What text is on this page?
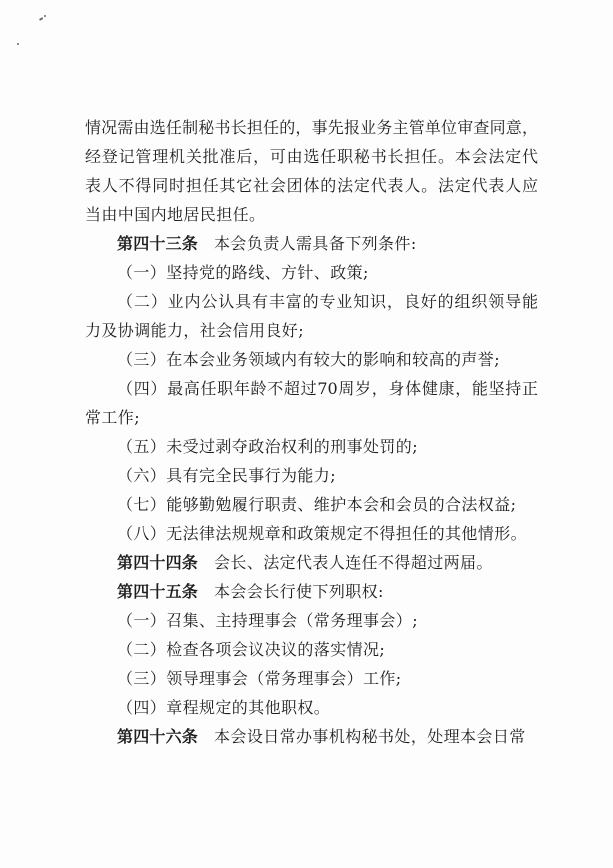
情况需由选任制秘书长担任的，事先报业务主管单位审查同意，
经登记管理机关批准后，可由选任职秘书长担任。本会法定代
表人不得同时担任其它社会团体的法定代表人。法定代表人应
当由中国内地居民担任。
第四十三条 本会负责人需具备下列条件:
（一）坚持党的路线、方针、政策;
（二）业内公认具有丰富的专业知识，良好的组织领导能
力及协调能力，社会信用良好;
（三）在本会业务领域内有较大的影响和较高的声誉;
（四）最高任职年龄不超过70周岁，身体健康，能坚持正
常工作;
（五）未受过剥夺政治权利的刑事处罚的;
（六）具有完全民事行为能力;
（七）能够勤勉履行职责、维护本会和会员的合法权益;
（八）无法律法规规章和政策规定不得担任的其他情形。
第四十四条 会长、法定代表人连任不得超过两届。
第四十五条 本会会长行使下列职权:
（一）召集、主持理事会（常务理事会）;
（二）检查各项会议决议的落实情况;
（三）领导理事会（常务理事会）工作;
（四）章程规定的其他职权。
第四十六条 本会设日常办事机构秘书处，处理本会日常
